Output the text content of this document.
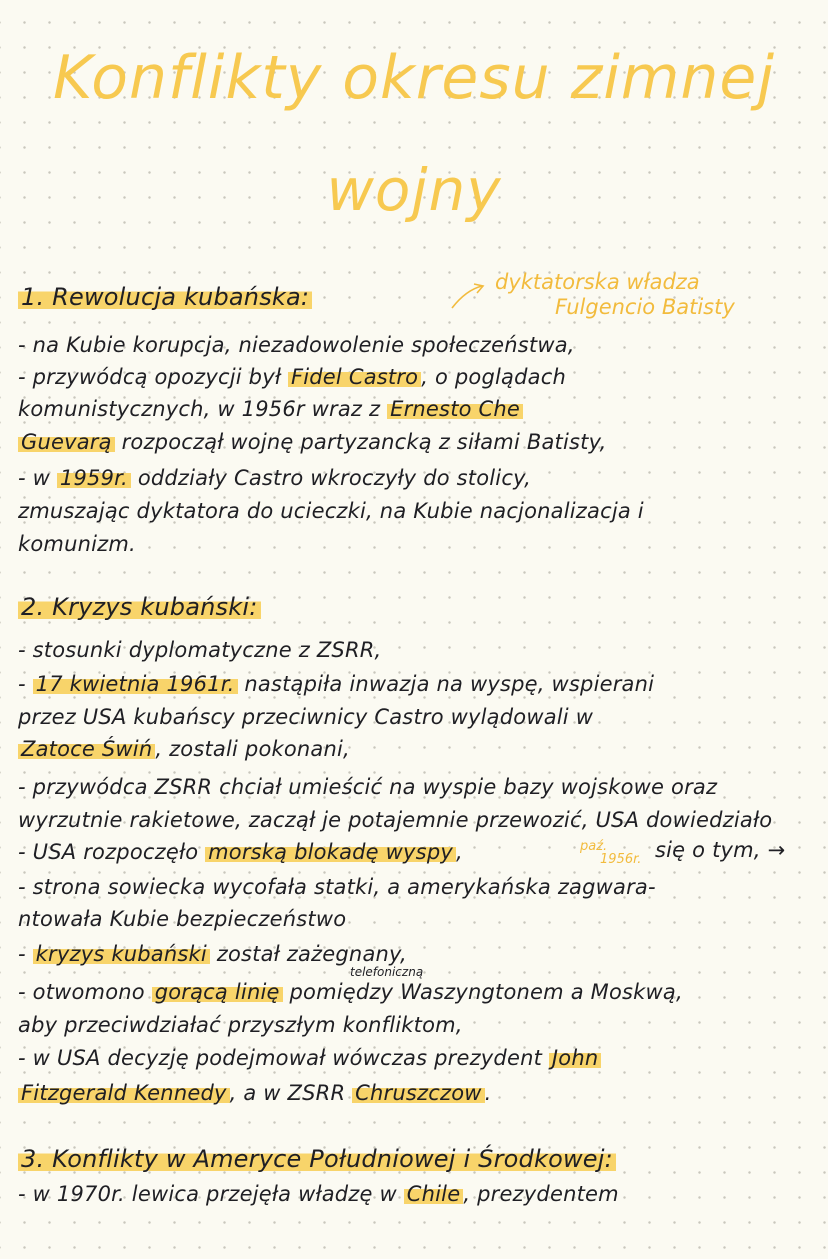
Konflikty okresu zimnej
wojny
dyktatorska władza
Fulgencio Batisty
1. Rewolucja kubańska:
- na Kubie korupcja, niezadowolenie społeczeństwa,
- przywódcą opozycji był Fidel Castro , o poglądach
komunistycznych, w 1956r wraz z Ernesto Che
Guevarą rozpoczął wojnę partyzancką z siłami Batisty,
- w 1959r. oddziały Castro wkroczyły do stolicy,
zmuszając dyktatora do ucieczki, na Kubie nacjonalizacja i
komunizm.
2. Kryzys kubański:
- stosunki dyplomatyczne z ZSRR,
- 17 kwietnia 1961r. nastąpiła inwazja na wyspę, wspierani
przez USA kubańscy przeciwnicy Castro wylądowali w
Zatoce Świń , zostali pokonani,
- przywódca ZSRR chciał umieścić na wyspie bazy wojskowe oraz
wyrzutnie rakietowe, zaczął je potajemnie przewozić, USA dowiedziało
- USA rozpoczęło morską blokadę wyspy ,	się o tym, →
paź.
1956r.
- strona sowiecka wycofała statki, a amerykańska zagwara-
ntowała Kubie bezpieczeństwo
- kryzys kubański został zażegnany,
telefoniczną
- otwomono gorącą linię pomiędzy Waszyngtonem a Moskwą,
aby przeciwdziałać przyszłym konfliktom,
- w USA decyzję podejmował wówczas prezydent John
Fitzgerald Kennedy , a w ZSRR Chruszczow .
3. Konflikty w Ameryce Południowej i Środkowej:
- w 1970r. lewica przejęła władzę w Chile , prezydentem
